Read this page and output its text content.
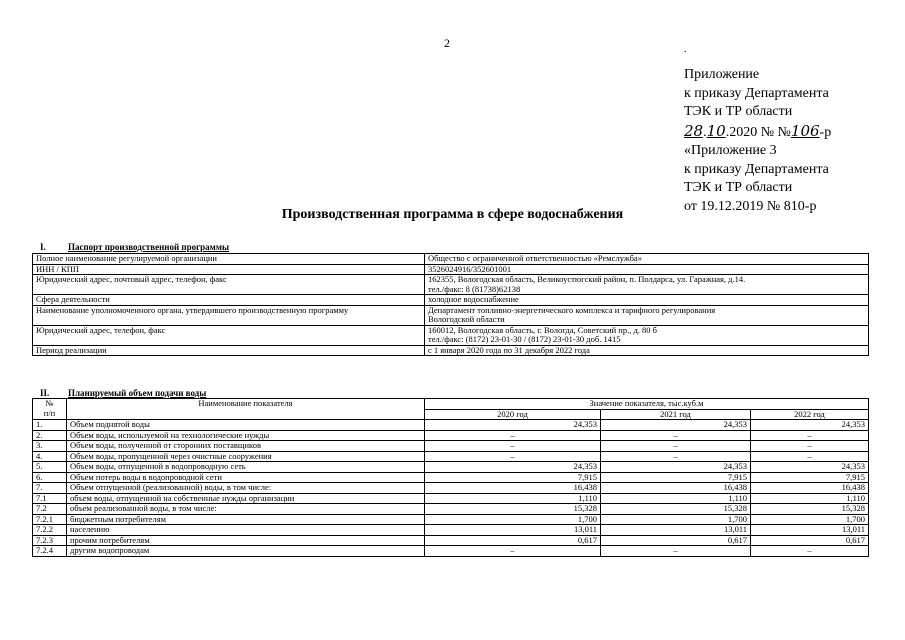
2	.
Приложение
к приказу Департамента
ТЭК и ТР области
28.10.2020 № №106-р
«Приложение 3
к приказу Департамента
ТЭК и ТР области
от 19.12.2019 № 810-р
Производственная программа в сфере водоснабжения
I. Паспорт производственной программы
Полное наименование регулируемой организации	Общество с ограниченной ответственностью «Ремслужба»

ИНН / КПП	3526024916/352601001

Юридический адрес, почтовый адрес, телефон, факс	162355, Вологодская область, Великоустюгский район, п. Полдарса, ул. Гаражная, д.14.
тел./факс: 8 (81738)62138

Сфера деятельности	холодное водоснабжение

Наименование уполномоченного органа, утвердившего производственную программу	Департамент топливно-энергетического комплекса и тарифного регулирования
Вологодской области

Юридический адрес, телефон, факс	160012, Вологодская область, г. Вологда, Советский пр., д. 80 б
тел./факс: (8172) 23-01-30 / (8172) 23-01-30 доб. 1415

Период реализации	с 1 января 2020 года по 31 декабря 2022 года
II. Планируемый объем подачи воды
№
п/п	Наименование показателя	Значение показателя, тыс.куб.м		
		2020 год	2021 год	2022 год
1.	Объем поднятой воды	24,353	24,353	24,353
2.	Объем воды, используемой на технологические нужды	–	–	–
3.	Объем воды, полученной от сторонних поставщиков	–	–	–
4.	Объем воды, пропущенной через очистные сооружения	–	–	–
5.	Объем воды, отпущенной в водопроводную сеть	24,353	24,353	24,353
6.	Объем потерь воды в водопроводной сети	7,915	7,915	7,915
7.	Объем отпущенной (реализованной) воды, в том числе:	16,438	16,438	16,438
7.1	объем воды, отпущенной на собственные нужды организации	1,110	1,110	1,110
7.2	объем реализованной воды, в том числе:	15,328	15,328	15,328
7.2.1	бюджетным потребителям	1,700	1,700	1,700
7.2.2	населению	13,011	13,011	13,011
7.2.3	прочим потребителям	0,617	0,617	0,617
7.2.4	другим водопроводам	–	–	–
